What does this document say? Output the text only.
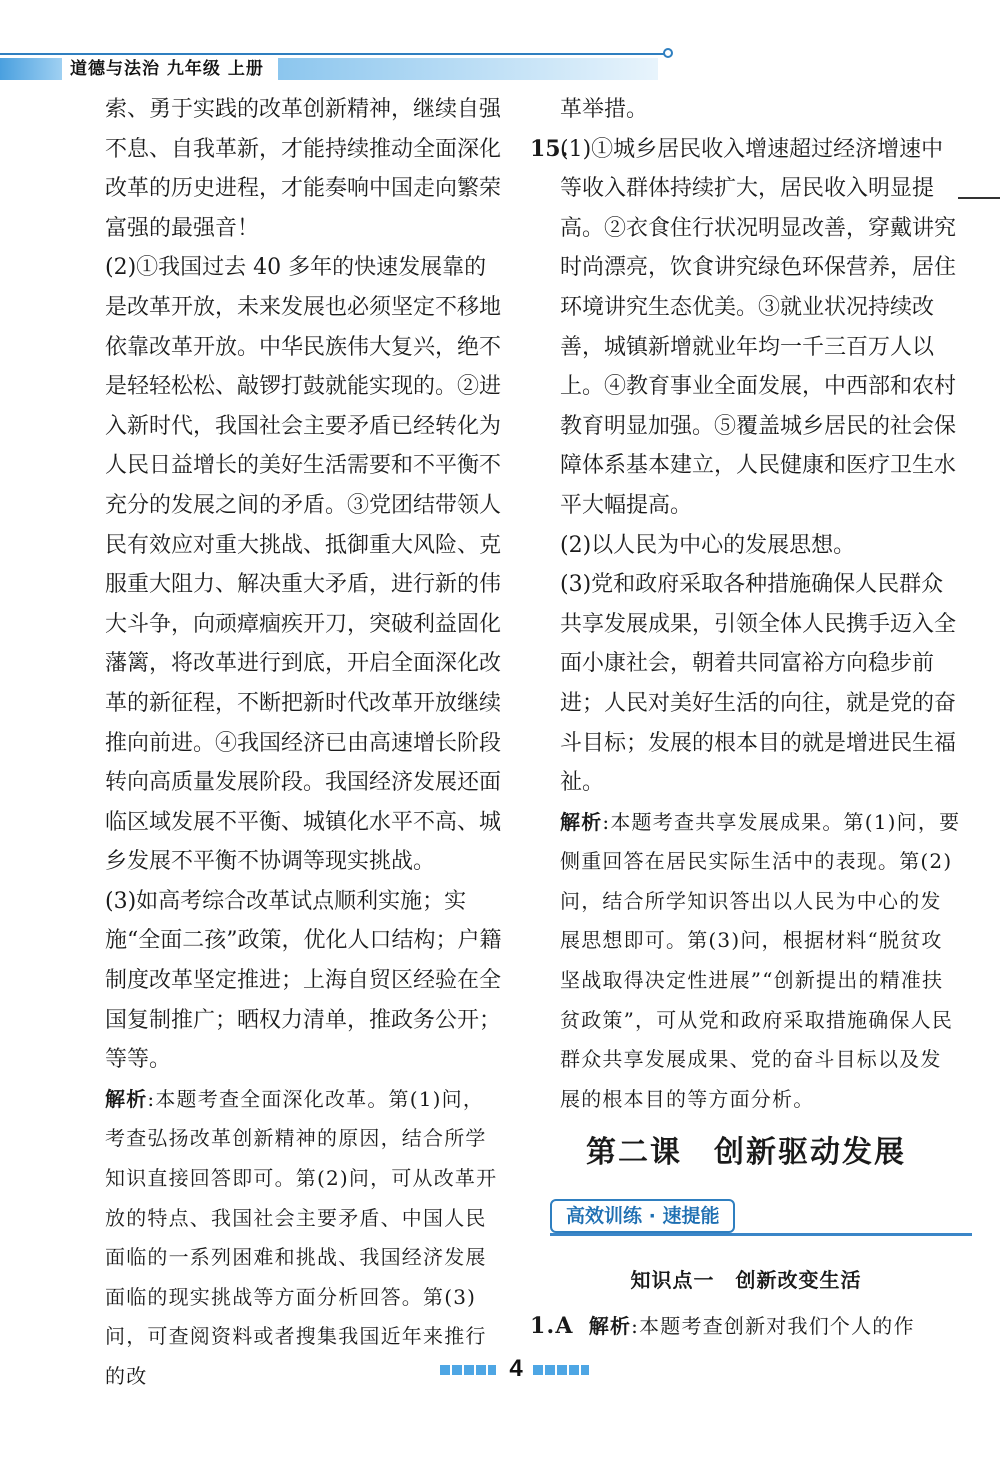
道德与法治 九年级 上册

索、勇于实践的改革创新精神，继续自强不息、自我革新，才能持续推动全面深化改革的历史进程，才能奏响中国走向繁荣富强的最强音！

(2)①我国过去 40 多年的快速发展靠的是改革开放，未来发展也必须坚定不移地依靠改革开放。中华民族伟大复兴，绝不是轻轻松松、敲锣打鼓就能实现的。②进入新时代，我国社会主要矛盾已经转化为人民日益增长的美好生活需要和不平衡不充分的发展之间的矛盾。③党团结带领人民有效应对重大挑战、抵御重大风险、克服重大阻力、解决重大矛盾，进行新的伟大斗争，向顽瘴痼疾开刀，突破利益固化藩篱，将改革进行到底，开启全面深化改革的新征程，不断把新时代改革开放继续推向前进。④我国经济已由高速增长阶段转向高质量发展阶段。我国经济发展还面临区域发展不平衡、城镇化水平不高、城乡发展不平衡不协调等现实挑战。

(3)如高考综合改革试点顺利实施；实施“全面二孩”政策，优化人口结构；户籍制度改革坚定推进；上海自贸区经验在全国复制推广；晒权力清单，推政务公开；等等。

解析:本题考查全面深化改革。第(1)问，考查弘扬改革创新精神的原因，结合所学知识直接回答即可。第(2)问，可从改革开放的特点、我国社会主要矛盾、中国人民面临的一系列困难和挑战、我国经济发展面临的现实挑战等方面分析回答。第(3)问，可查阅资料或者搜集我国近年来推行的改

革举措。

15.(1)①城乡居民收入增速超过经济增速中等收入群体持续扩大，居民收入明显提高。②衣食住行状况明显改善，穿戴讲究时尚漂亮，饮食讲究绿色环保营养，居住环境讲究生态优美。③就业状况持续改善，城镇新增就业年均一千三百万人以上。④教育事业全面发展，中西部和农村教育明显加强。⑤覆盖城乡居民的社会保障体系基本建立，人民健康和医疗卫生水平大幅提高。

(2)以人民为中心的发展思想。

(3)党和政府采取各种措施确保人民群众共享发展成果，引领全体人民携手迈入全面小康社会，朝着共同富裕方向稳步前进；人民对美好生活的向往，就是党的奋斗目标；发展的根本目的就是增进民生福祉。

解析:本题考查共享发展成果。第(1)问，要侧重回答在居民实际生活中的表现。第(2)问，结合所学知识答出以人民为中心的发展思想即可。第(3)问，根据材料“脱贫攻坚战取得决定性进展”“创新提出的精准扶贫政策”，可从党和政府采取措施确保人民群众共享发展成果、党的奋斗目标以及发展的根本目的等方面分析。

第二课　创新驱动发展
高效训练 · 速提能
知识点一　创新改变生活

1.A 解析:本题考查创新对我们个人的作

4
